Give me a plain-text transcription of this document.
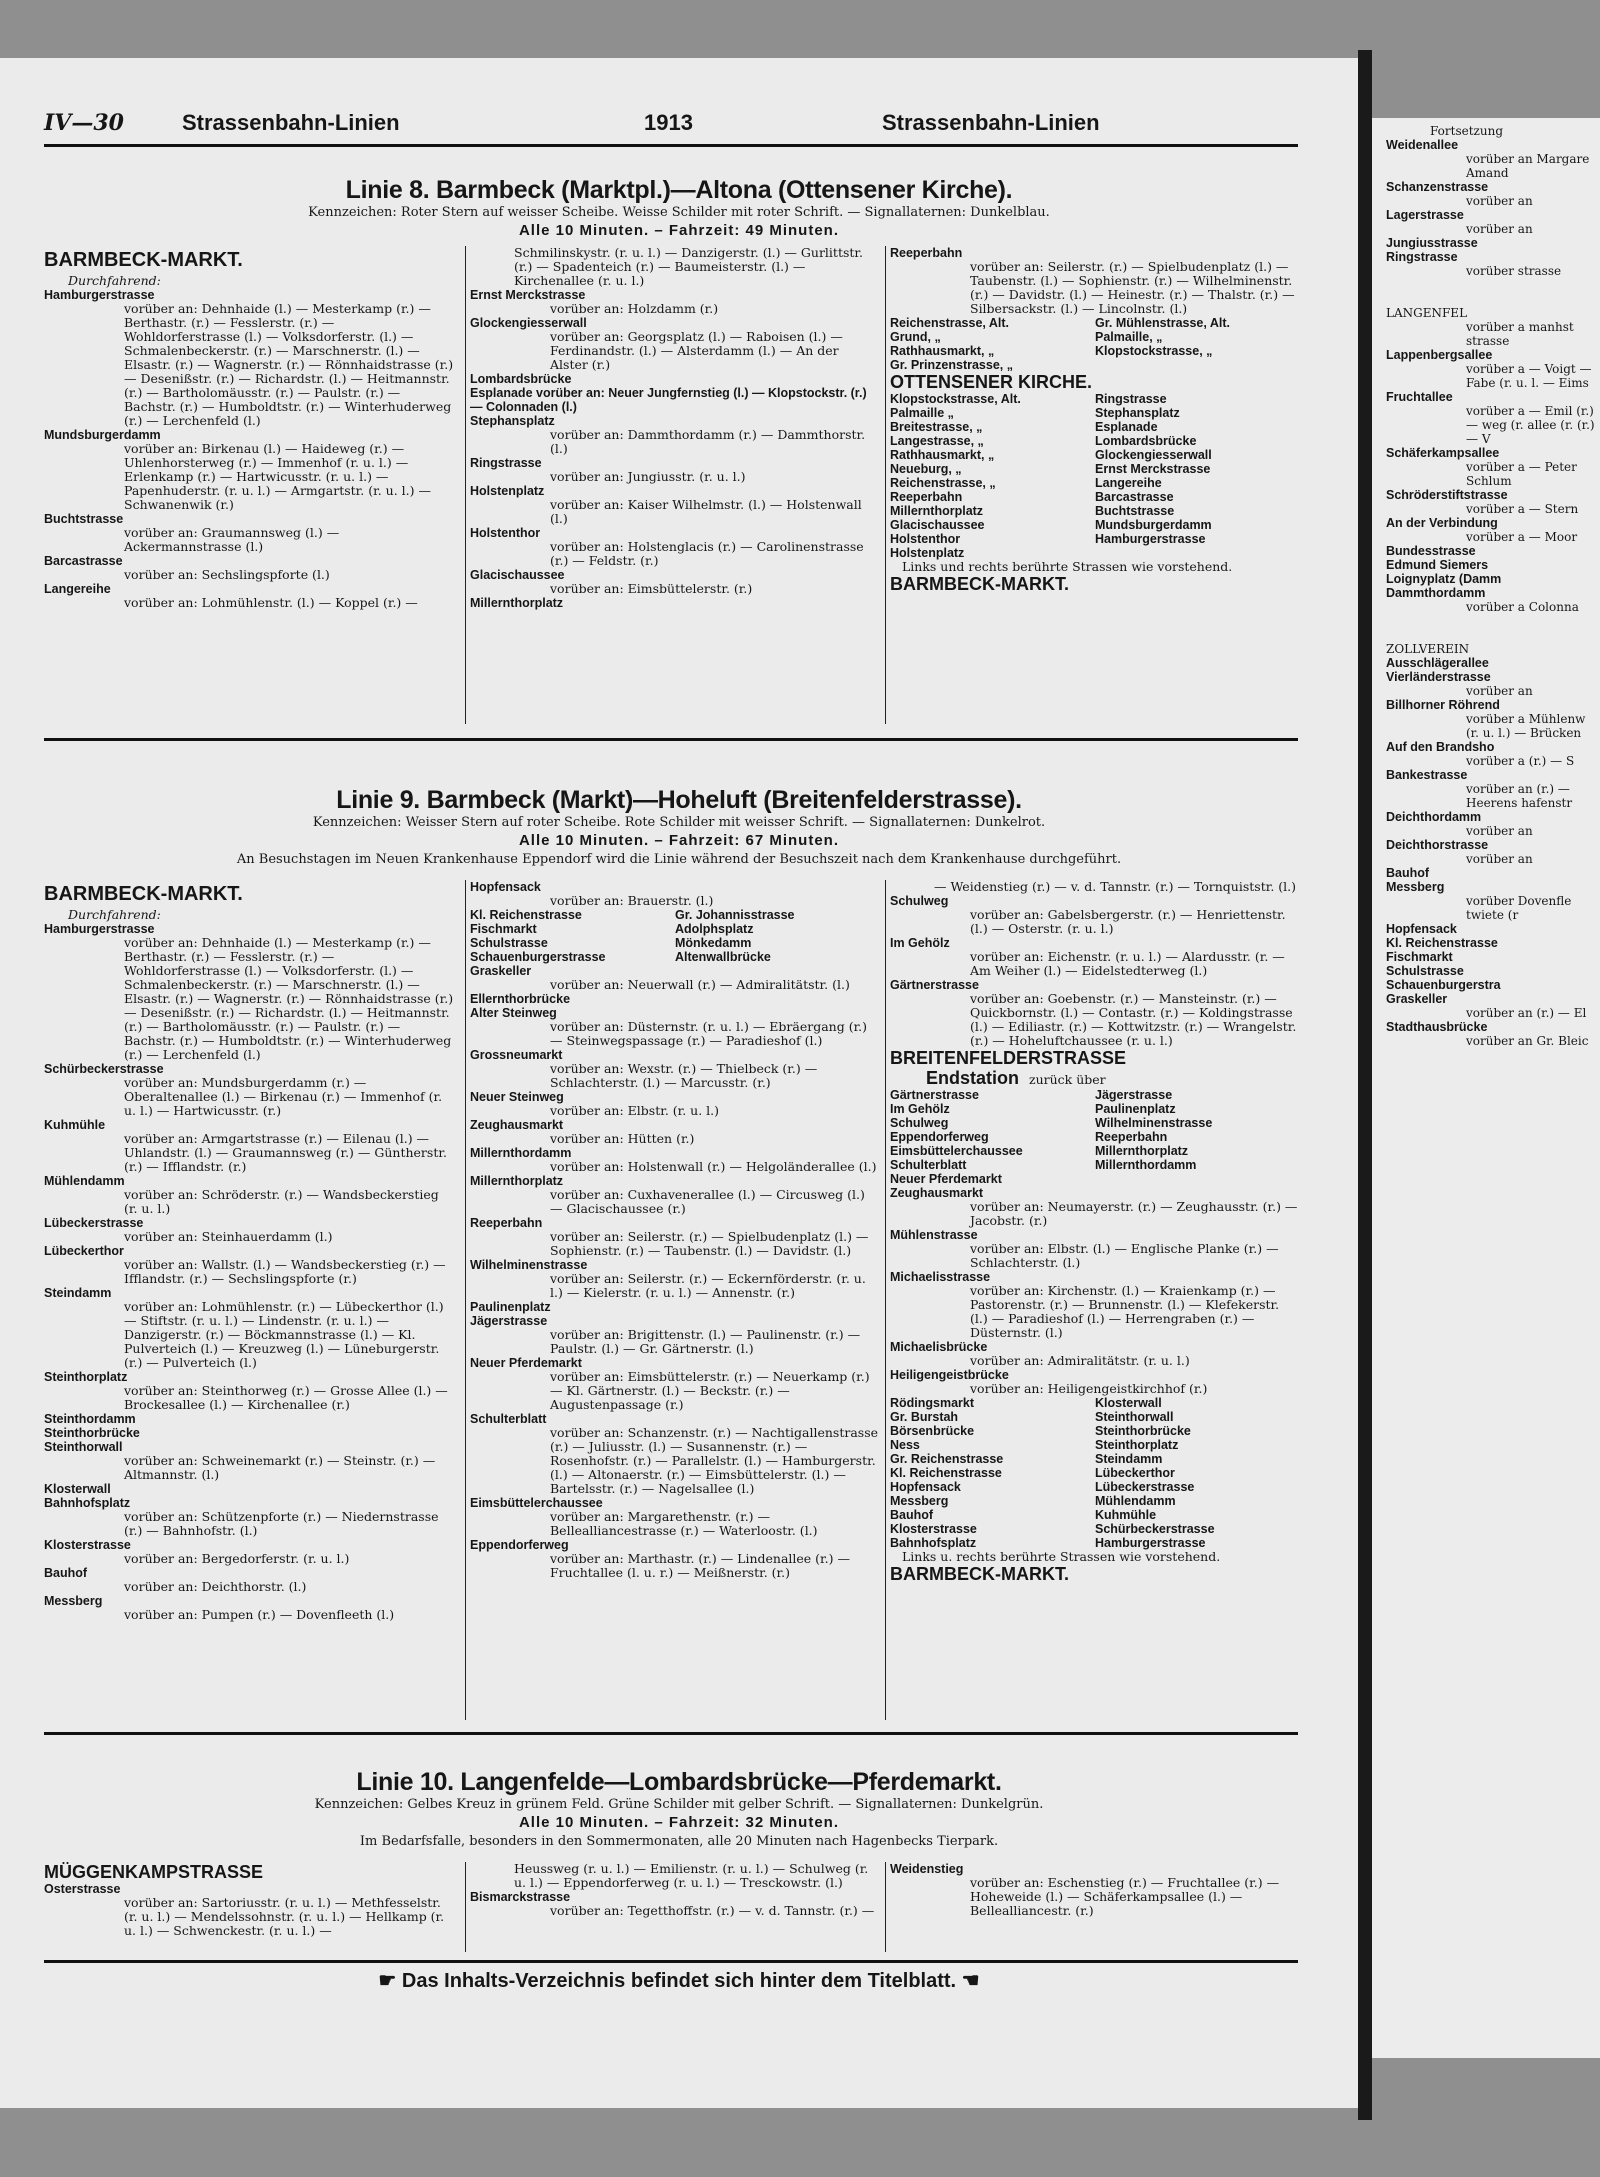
Fortsetzung
Weidenallee
vorüber an Margare Amand
Schanzenstrasse
vorüber an
Lagerstrasse
vorüber an
Jungiusstrasse
Ringstrasse
vorüber strasse
LANGENFEL
vorüber a manhst strasse
Lappenbergsallee
vorüber a — Voigt — Fabe (r. u. l. — Eims
Fruchtallee
vorüber a — Emil (r.) — weg (r. allee (r. (r.) — V
Schäferkampsallee
vorüber a — Peter Schlum
Schröderstiftstrasse
vorüber a — Stern
An der Verbindung
vorüber a — Moor
Bundesstrasse
Edmund Siemers
Loignyplatz (Damm
Dammthordamm
vorüber a Colonna
ZOLLVEREIN
Ausschlägerallee
Vierländerstrasse
vorüber an
Billhorner Röhrend
vorüber a Mühlenw (r. u. l.) — Brücken
Auf den Brandsho
vorüber a (r.) — S
Bankestrasse
vorüber an (r.) — Heerens hafenstr
Deichthordamm
vorüber an
Deichthorstrasse
vorüber an
Bauhof
Messberg
vorüber Dovenfle twiete (r
Hopfensack
Kl. Reichenstrasse
Fischmarkt
Schulstrasse
Schauenburgerstra
Graskeller
vorüber an (r.) — El
Stadthausbrücke
vorüber an Gr. Bleic
IV—30	Strassenbahn-Linien	1913	Strassenbahn-Linien
Linie 8. Barmbeck (Marktpl.)—Altona (Ottensener Kirche).
Kennzeichen: Roter Stern auf weisser Scheibe. Weisse Schilder mit roter Schrift. — Signallaternen: Dunkelblau.
Alle 10 Minuten. – Fahrzeit: 49 Minuten.
BARMBECK-MARKT.
Durchfahrend:
Hamburgerstrasse
vorüber an: Dehnhaide (l.) — Mesterkamp (r.) — Berthastr. (r.) — Fesslerstr. (r.) — Wohldorferstrasse (l.) — Volksdorferstr. (l.) — Schmalenbeckerstr. (r.) — Marschnerstr. (l.) — Elsastr. (r.) — Wagnerstr. (r.) — Rönnhaidstrasse (r.) — Desenißstr. (r.) — Richardstr. (l.) — Heitmannstr. (r.) — Bartholomäusstr. (r.) — Paulstr. (r.) — Bachstr. (r.) — Humboldtstr. (r.) — Winterhuderweg (r.) — Lerchenfeld (l.)
Mundsburgerdamm
vorüber an: Birkenau (l.) — Haideweg (r.) — Uhlenhorsterweg (r.) — Immenhof (r. u. l.) — Erlenkamp (r.) — Hartwicusstr. (r. u. l.) — Papenhuderstr. (r. u. l.) — Armgartstr. (r. u. l.) — Schwanenwik (r.)
Buchtstrasse
vorüber an: Graumannsweg (l.) — Ackermannstrasse (l.)
Barcastrasse
vorüber an: Sechslingspforte (l.)
Langereihe
vorüber an: Lohmühlenstr. (l.) — Koppel (r.) —
Schmilinskystr. (r. u. l.) — Danzigerstr. (l.) — Gurlittstr. (r.) — Spadenteich (r.) — Baumeisterstr. (l.) — Kirchenallee (r. u. l.)
Ernst Merckstrasse
vorüber an: Holzdamm (r.)
Glockengiesserwall
vorüber an: Georgsplatz (l.) — Raboisen (l.) — Ferdinandstr. (l.) — Alsterdamm (l.) — An der Alster (r.)
Lombardsbrücke
Esplanade vorüber an: Neuer Jungfernstieg (l.) — Klopstockstr. (r.) — Colonnaden (l.)
Stephansplatz
vorüber an: Dammthordamm (r.) — Dammthorstr. (l.)
Ringstrasse
vorüber an: Jungiusstr. (r. u. l.)
Holstenplatz
vorüber an: Kaiser Wilhelmstr. (l.) — Holstenwall (l.)
Holstenthor
vorüber an: Holstenglacis (r.) — Carolinenstrasse (r.) — Feldstr. (r.)
Glacischaussee
vorüber an: Eimsbüttelerstr. (r.)
Millernthorplatz
Reeperbahn
vorüber an: Seilerstr. (r.) — Spielbudenplatz (l.) — Taubenstr. (l.) — Sophienstr. (r.) — Wilhelminenstr. (r.) — Davidstr. (l.) — Heinestr. (r.) — Thalstr. (r.) — Silbersackstr. (l.) — Lincolnstr. (l.)
Reichenstrasse, Alt.	Gr. Mühlenstrasse, Alt.
Grund, „	Palmaille, „
Rathhausmarkt, „	Klopstockstrasse, „
Gr. Prinzenstrasse, „
OTTENSENER KIRCHE.
Klopstockstrasse, Alt.	Ringstrasse
Palmaille „	Stephansplatz
Breitestrasse, „	Esplanade
Langestrasse, „	Lombardsbrücke
Rathhausmarkt, „	Glockengiesserwall
Neueburg, „	Ernst Merckstrasse
Reichenstrasse, „	Langereihe
Reeperbahn	Barcastrasse
Millernthorplatz	Buchtstrasse
Glacischaussee	Mundsburgerdamm
Holstenthor	Hamburgerstrasse
Holstenplatz
Links und rechts berührte Strassen wie vorstehend.
BARMBECK-MARKT.
Linie 9. Barmbeck (Markt)—Hoheluft (Breitenfelderstrasse).
Kennzeichen: Weisser Stern auf roter Scheibe. Rote Schilder mit weisser Schrift. — Signallaternen: Dunkelrot.
Alle 10 Minuten. – Fahrzeit: 67 Minuten.
An Besuchstagen im Neuen Krankenhause Eppendorf wird die Linie während der Besuchszeit nach dem Krankenhause durchgeführt.
BARMBECK-MARKT.
Durchfahrend:
Hamburgerstrasse
vorüber an: Dehnhaide (l.) — Mesterkamp (r.) — Berthastr. (r.) — Fesslerstr. (r.) — Wohldorferstrasse (l.) — Volksdorferstr. (l.) — Schmalenbeckerstr. (r.) — Marschnerstr. (l.) — Elsastr. (r.) — Wagnerstr. (r.) — Rönnhaidstrasse (r.) — Desenißstr. (r.) — Richardstr. (l.) — Heitmannstr. (r.) — Bartholomäusstr. (r.) — Paulstr. (r.) — Bachstr. (r.) — Humboldtstr. (r.) — Winterhuderweg (r.) — Lerchenfeld (l.)
Schürbeckerstrasse
vorüber an: Mundsburgerdamm (r.) — Oberaltenallee (l.) — Birkenau (r.) — Immenhof (r. u. l.) — Hartwicusstr. (r.)
Kuhmühle
vorüber an: Armgartstrasse (r.) — Eilenau (l.) — Uhlandstr. (l.) — Graumannsweg (r.) — Güntherstr. (r.) — Ifflandstr. (r.)
Mühlendamm
vorüber an: Schröderstr. (r.) — Wandsbeckerstieg (r. u. l.)
Lübeckerstrasse
vorüber an: Steinhauerdamm (l.)
Lübeckerthor
vorüber an: Wallstr. (l.) — Wandsbeckerstieg (r.) — Ifflandstr. (r.) — Sechslingspforte (r.)
Steindamm
vorüber an: Lohmühlenstr. (r.) — Lübeckerthor (l.) — Stiftstr. (r. u. l.) — Lindenstr. (r. u. l.) — Danzigerstr. (r.) — Böckmannstrasse (l.) — Kl. Pulverteich (l.) — Kreuzweg (l.) — Lüneburgerstr. (r.) — Pulverteich (l.)
Steinthorplatz
vorüber an: Steinthorweg (r.) — Grosse Allee (l.) — Brockesallee (l.) — Kirchenallee (r.)
Steinthordamm
Steinthorbrücke
Steinthorwall
vorüber an: Schweinemarkt (r.) — Steinstr. (r.) — Altmannstr. (l.)
Klosterwall
Bahnhofsplatz
vorüber an: Schützenpforte (r.) — Niedernstrasse (r.) — Bahnhofstr. (l.)
Klosterstrasse
vorüber an: Bergedorferstr. (r. u. l.)
Bauhof
vorüber an: Deichthorstr. (l.)
Messberg
vorüber an: Pumpen (r.) — Dovenfleeth (l.)
Hopfensack
vorüber an: Brauerstr. (l.)
Kl. Reichenstrasse	Gr. Johannisstrasse
Fischmarkt	Adolphsplatz
Schulstrasse	Mönkedamm
Schauenburgerstrasse	Altenwallbrücke
Graskeller
vorüber an: Neuerwall (r.) — Admiralitätstr. (l.)
Ellernthorbrücke
Alter Steinweg
vorüber an: Düsternstr. (r. u. l.) — Ebräergang (r.) — Steinwegspassage (r.) — Paradieshof (l.)
Grossneumarkt
vorüber an: Wexstr. (r.) — Thielbeck (r.) — Schlachterstr. (l.) — Marcusstr. (r.)
Neuer Steinweg
vorüber an: Elbstr. (r. u. l.)
Zeughausmarkt
vorüber an: Hütten (r.)
Millernthordamm
vorüber an: Holstenwall (r.) — Helgoländerallee (l.)
Millernthorplatz
vorüber an: Cuxhavenerallee (l.) — Circusweg (l.) — Glacischaussee (r.)
Reeperbahn
vorüber an: Seilerstr. (r.) — Spielbudenplatz (l.) — Sophienstr. (r.) — Taubenstr. (l.) — Davidstr. (l.)
Wilhelminenstrasse
vorüber an: Seilerstr. (r.) — Eckernförderstr. (r. u. l.) — Kielerstr. (r. u. l.) — Annenstr. (r.)
Paulinenplatz
Jägerstrasse
vorüber an: Brigittenstr. (l.) — Paulinenstr. (r.) — Paulstr. (l.) — Gr. Gärtnerstr. (l.)
Neuer Pferdemarkt
vorüber an: Eimsbüttelerstr. (r.) — Neuerkamp (r.) — Kl. Gärtnerstr. (l.) — Beckstr. (r.) — Augustenpassage (r.)
Schulterblatt
vorüber an: Schanzenstr. (r.) — Nachtigallenstrasse (r.) — Juliusstr. (l.) — Susannenstr. (r.) — Rosenhofstr. (r.) — Parallelstr. (l.) — Hamburgerstr. (l.) — Altonaerstr. (r.) — Eimsbüttelerstr. (l.) — Bartelsstr. (r.) — Nagelsallee (l.)
Eimsbüttelerchaussee
vorüber an: Margarethenstr. (r.) — Bellealliancestrasse (r.) — Waterloostr. (l.)
Eppendorferweg
vorüber an: Marthastr. (r.) — Lindenallee (r.) — Fruchtallee (l. u. r.) — Meißnerstr. (r.)
— Weidenstieg (r.) — v. d. Tannstr. (r.) — Tornquiststr. (l.)
Schulweg
vorüber an: Gabelsbergerstr. (r.) — Henriettenstr. (l.) — Osterstr. (r. u. l.)
Im Gehölz
vorüber an: Eichenstr. (r. u. l.) — Alardusstr. (r. — Am Weiher (l.) — Eidelstedterweg (l.)
Gärtnerstrasse
vorüber an: Goebenstr. (r.) — Mansteinstr. (r.) — Quickbornstr. (l.) — Contastr. (r.) — Koldingstrasse (l.) — Ediliastr. (r.) — Kottwitzstr. (r.) — Wrangelstr. (r.) — Hoheluftchaussee (r. u. l.)
BREITENFELDERSTRASSE
Endstation zurück über
Gärtnerstrasse	Jägerstrasse
Im Gehölz	Paulinenplatz
Schulweg	Wilhelminenstrasse
Eppendorferweg	Reeperbahn
Eimsbüttelerchaussee	Millernthorplatz
Schulterblatt	Millernthordamm
Neuer Pferdemarkt
Zeughausmarkt
vorüber an: Neumayerstr. (r.) — Zeughausstr. (r.) — Jacobstr. (r.)
Mühlenstrasse
vorüber an: Elbstr. (l.) — Englische Planke (r.) — Schlachterstr. (l.)
Michaelisstrasse
vorüber an: Kirchenstr. (l.) — Kraienkamp (r.) — Pastorenstr. (r.) — Brunnenstr. (l.) — Klefekerstr. (l.) — Paradieshof (l.) — Herrengraben (r.) — Düsternstr. (l.)
Michaelisbrücke
vorüber an: Admiralitätstr. (r. u. l.)
Heiligengeistbrücke
vorüber an: Heiligengeistkirchhof (r.)
Rödingsmarkt	Klosterwall
Gr. Burstah	Steinthorwall
Börsenbrücke	Steinthorbrücke
Ness	Steinthorplatz
Gr. Reichenstrasse	Steindamm
Kl. Reichenstrasse	Lübeckerthor
Hopfensack	Lübeckerstrasse
Messberg	Mühlendamm
Bauhof	Kuhmühle
Klosterstrasse	Schürbeckerstrasse
Bahnhofsplatz	Hamburgerstrasse
Links u. rechts berührte Strassen wie vorstehend.
BARMBECK-MARKT.
Linie 10. Langenfelde—Lombardsbrücke—Pferdemarkt.
Kennzeichen: Gelbes Kreuz in grünem Feld. Grüne Schilder mit gelber Schrift. — Signallaternen: Dunkelgrün.
Alle 10 Minuten. – Fahrzeit: 32 Minuten.
Im Bedarfsfalle, besonders in den Sommermonaten, alle 20 Minuten nach Hagenbecks Tierpark.
MÜGGENKAMPSTRASSE
Osterstrasse
vorüber an: Sartoriusstr. (r. u. l.) — Methfesselstr. (r. u. l.) — Mendelssohnstr. (r. u. l.) — Hellkamp (r. u. l.) — Schwenckestr. (r. u. l.) —
Heussweg (r. u. l.) — Emilienstr. (r. u. l.) — Schulweg (r. u. l.) — Eppendorferweg (r. u. l.) — Tresckowstr. (l.)
Bismarckstrasse
vorüber an: Tegetthoffstr. (r.) — v. d. Tannstr. (r.) —
Weidenstieg
vorüber an: Eschenstieg (r.) — Fruchtallee (r.) — Hoheweide (l.) — Schäferkampsallee (l.) — Bellealliancestr. (r.)
☛ Das Inhalts-Verzeichnis befindet sich hinter dem Titelblatt. ☚
